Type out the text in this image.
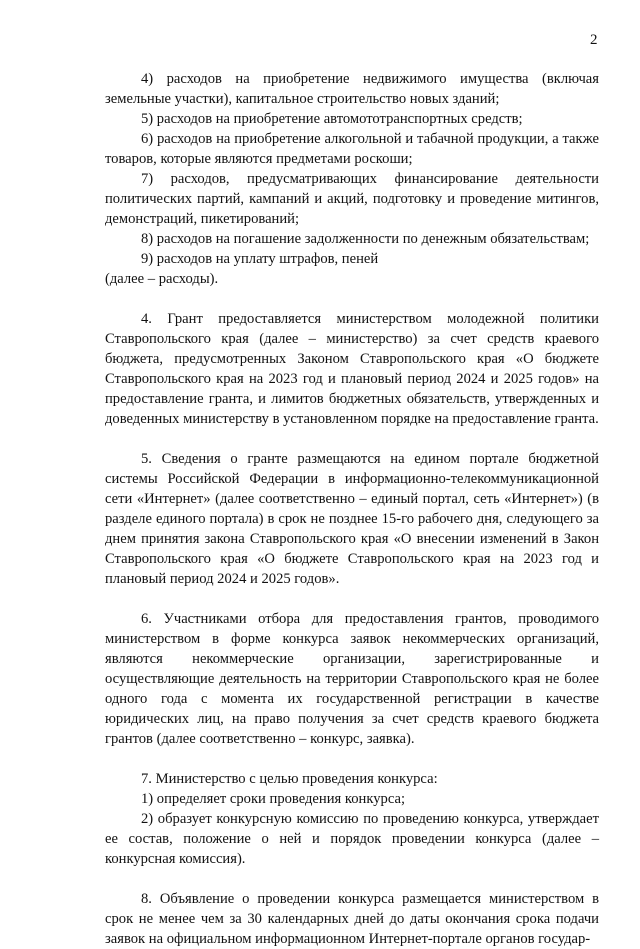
2

4) расходов на приобретение недвижимого имущества (включая земельные участки), капитальное строительство новых зданий;

5) расходов на приобретение автомототранспортных средств;

6) расходов на приобретение алкогольной и табачной продукции, а также товаров, которые являются предметами роскоши;

7) расходов, предусматривающих финансирование деятельности политических партий, кампаний и акций, подготовку и проведение митингов, демонстраций, пикетирований;

8) расходов на погашение задолженности по денежным обязательствам;

9) расходов на уплату штрафов, пеней

(далее – расходы).

4. Грант предоставляется министерством молодежной политики Ставропольского края (далее – министерство) за счет средств краевого бюджета, предусмотренных Законом Ставропольского края «О бюджете Ставропольского края на 2023 год и плановый период 2024 и 2025 годов» на предоставление гранта, и лимитов бюджетных обязательств, утвержденных и доведенных министерству в установленном порядке на предоставление гранта.

5. Сведения о гранте размещаются на едином портале бюджетной системы Российской Федерации в информационно-телекоммуникационной сети «Интернет» (далее соответственно – единый портал, сеть «Интернет») (в разделе единого портала) в срок не позднее 15-го рабочего дня, следующего за днем принятия закона Ставропольского края «О внесении изменений в Закон Ставропольского края «О бюджете Ставропольского края на 2023 год и плановый период 2024 и 2025 годов».

6. Участниками отбора для предоставления грантов, проводимого министерством в форме конкурса заявок некоммерческих организаций, являются некоммерческие организации, зарегистрированные и осуществляющие деятельность на территории Ставропольского края не более одного года с момента их государственной регистрации в качестве юридических лиц, на право получения за счет средств краевого бюджета грантов (далее соответственно – конкурс, заявка).

7. Министерство с целью проведения конкурса:

1) определяет сроки проведения конкурса;

2) образует конкурсную комиссию по проведению конкурса, утверждает ее состав, положение о ней и порядок проведении конкурса (далее – конкурсная комиссия).

8. Объявление о проведении конкурса размещается министерством в срок не менее чем за 30 календарных дней до даты окончания срока подачи заявок на официальном информационном Интернет-портале органов государ-
